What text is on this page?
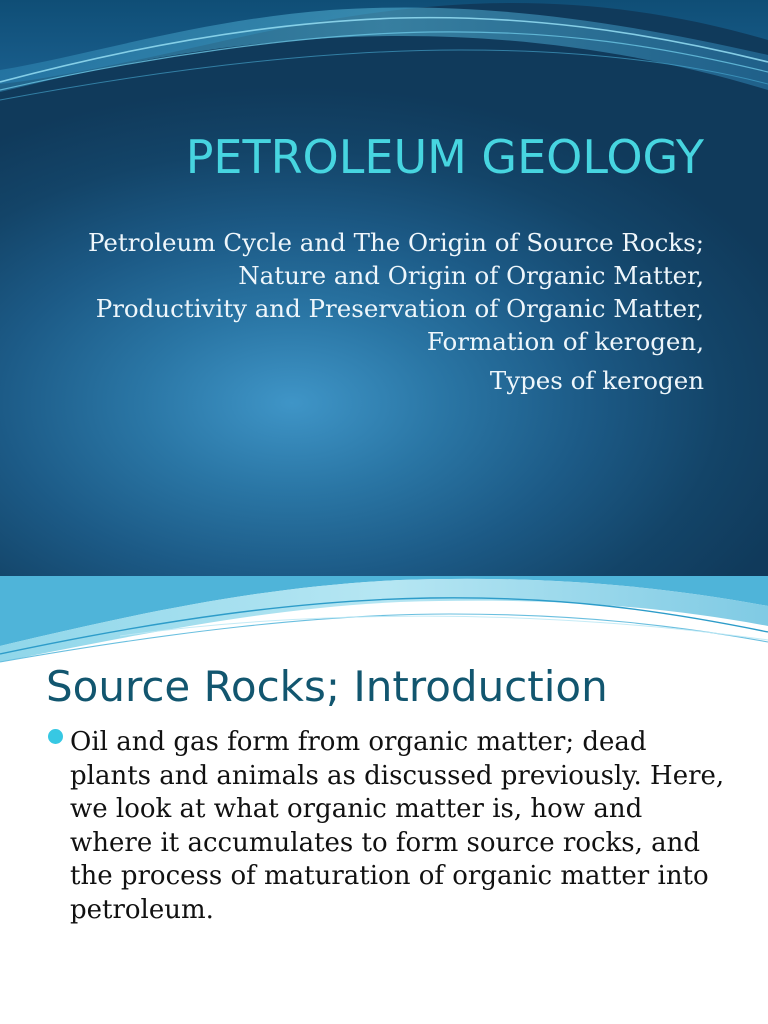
PETROLEUM GEOLOGY
Petroleum Cycle and The Origin of Source Rocks; Nature and Origin of Organic Matter, Productivity and Preservation of Organic Matter, Formation of kerogen,
Types of kerogen
Source Rocks; Introduction
Oil and gas form from organic matter; dead plants and animals as discussed previously. Here, we look at what organic matter is, how and where it accumulates to form source rocks, and the process of maturation of organic matter into petroleum.
